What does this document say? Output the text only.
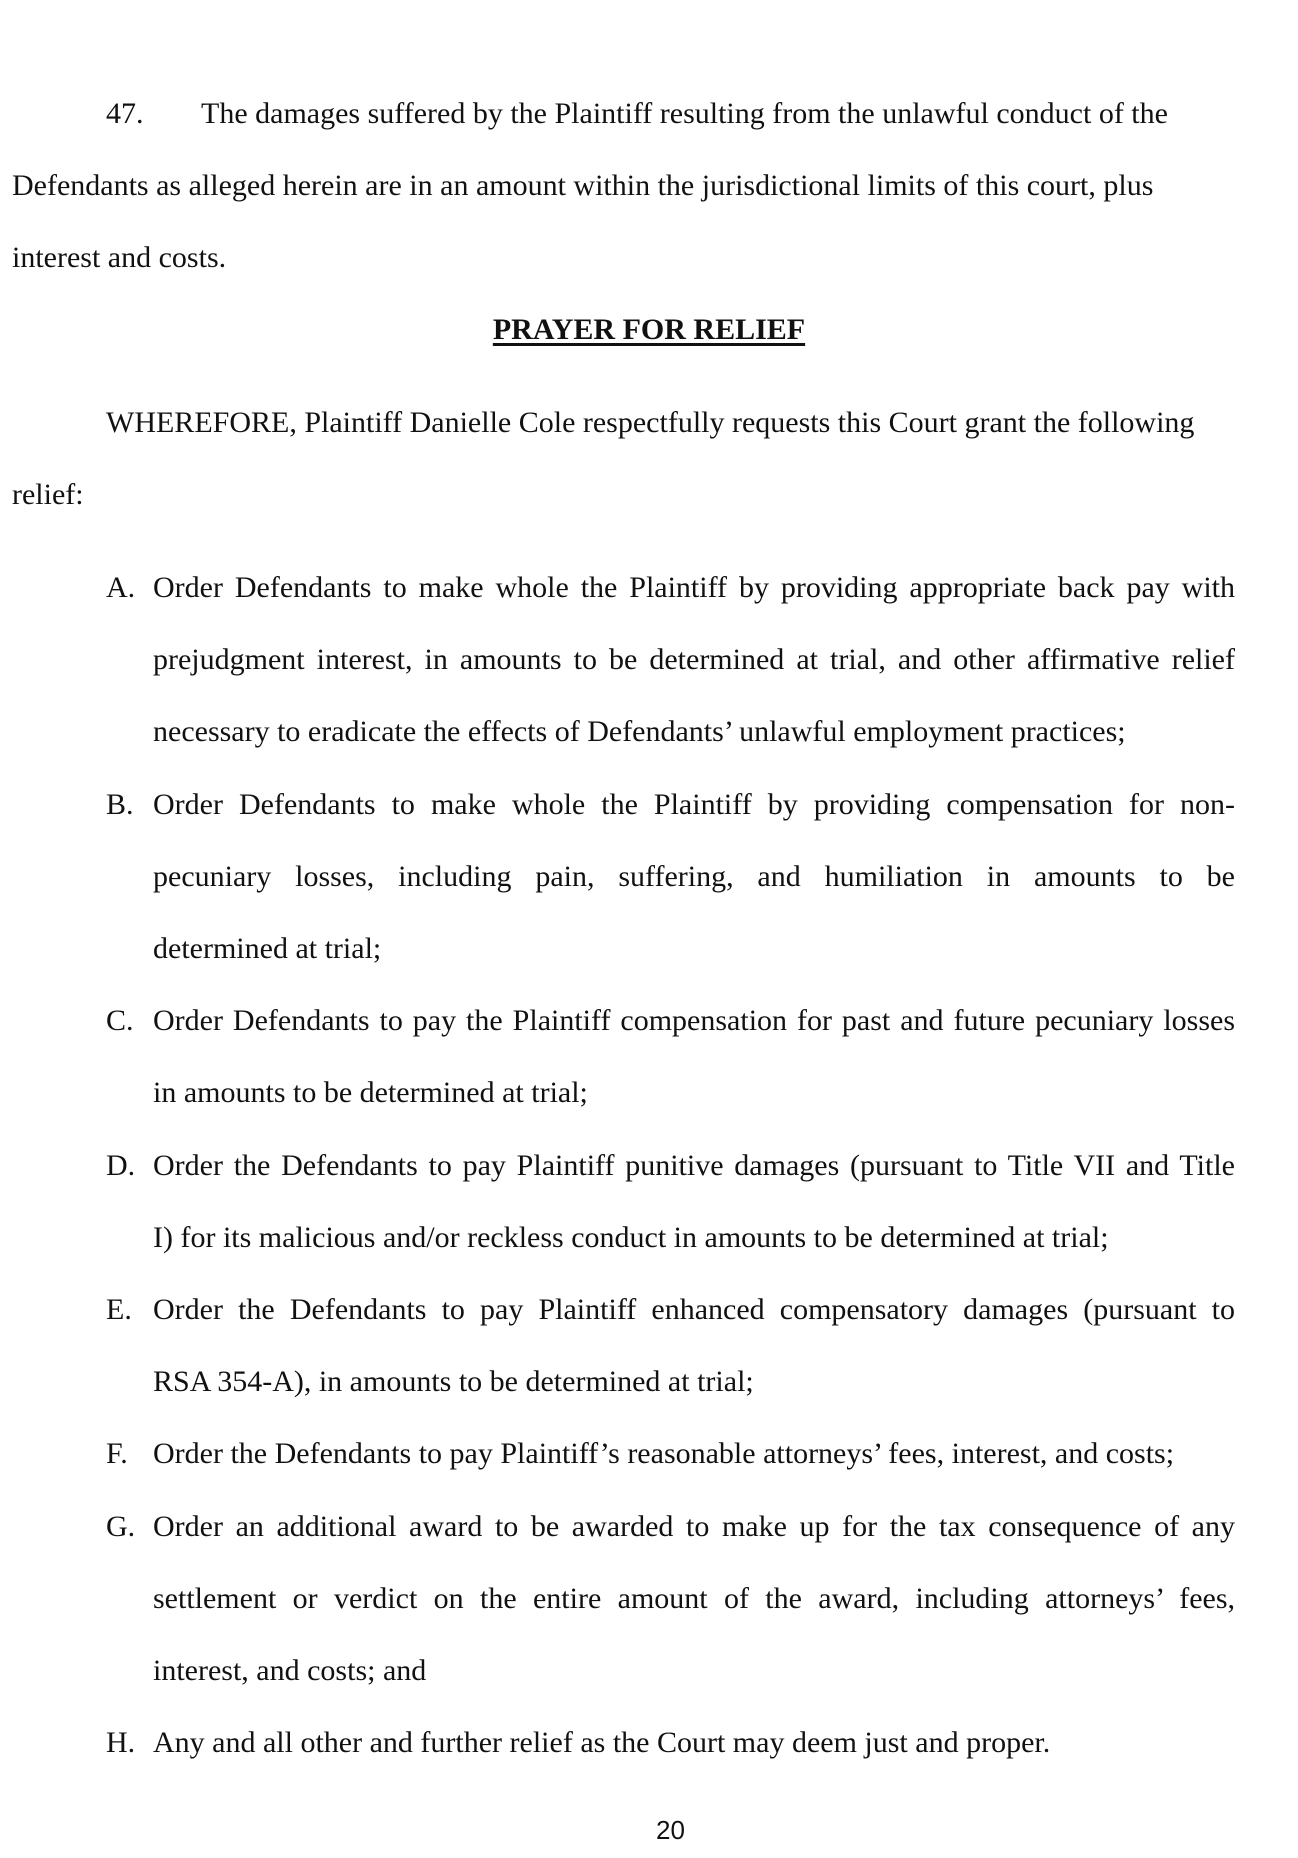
47. The damages suffered by the Plaintiff resulting from the unlawful conduct of the
Defendants as alleged herein are in an amount within the jurisdictional limits of this court, plus
interest and costs.
PRAYER FOR RELIEF
WHEREFORE, Plaintiff Danielle Cole respectfully requests this Court grant the following
relief:
A. Order Defendants to make whole the Plaintiff by providing appropriate back pay with
prejudgment interest, in amounts to be determined at trial, and other affirmative relief
necessary to eradicate the effects of Defendants’ unlawful employment practices;
B. Order Defendants to make whole the Plaintiff by providing compensation for non-
pecuniary losses, including pain, suffering, and humiliation in amounts to be
determined at trial;
C. Order Defendants to pay the Plaintiff compensation for past and future pecuniary losses
in amounts to be determined at trial;
D. Order the Defendants to pay Plaintiff punitive damages (pursuant to Title VII and Title
I) for its malicious and/or reckless conduct in amounts to be determined at trial;
E. Order the Defendants to pay Plaintiff enhanced compensatory damages (pursuant to
RSA 354-A), in amounts to be determined at trial;
F. Order the Defendants to pay Plaintiff’s reasonable attorneys’ fees, interest, and costs;
G. Order an additional award to be awarded to make up for the tax consequence of any
settlement or verdict on the entire amount of the award, including attorneys’ fees,
interest, and costs; and
H. Any and all other and further relief as the Court may deem just and proper.
20
